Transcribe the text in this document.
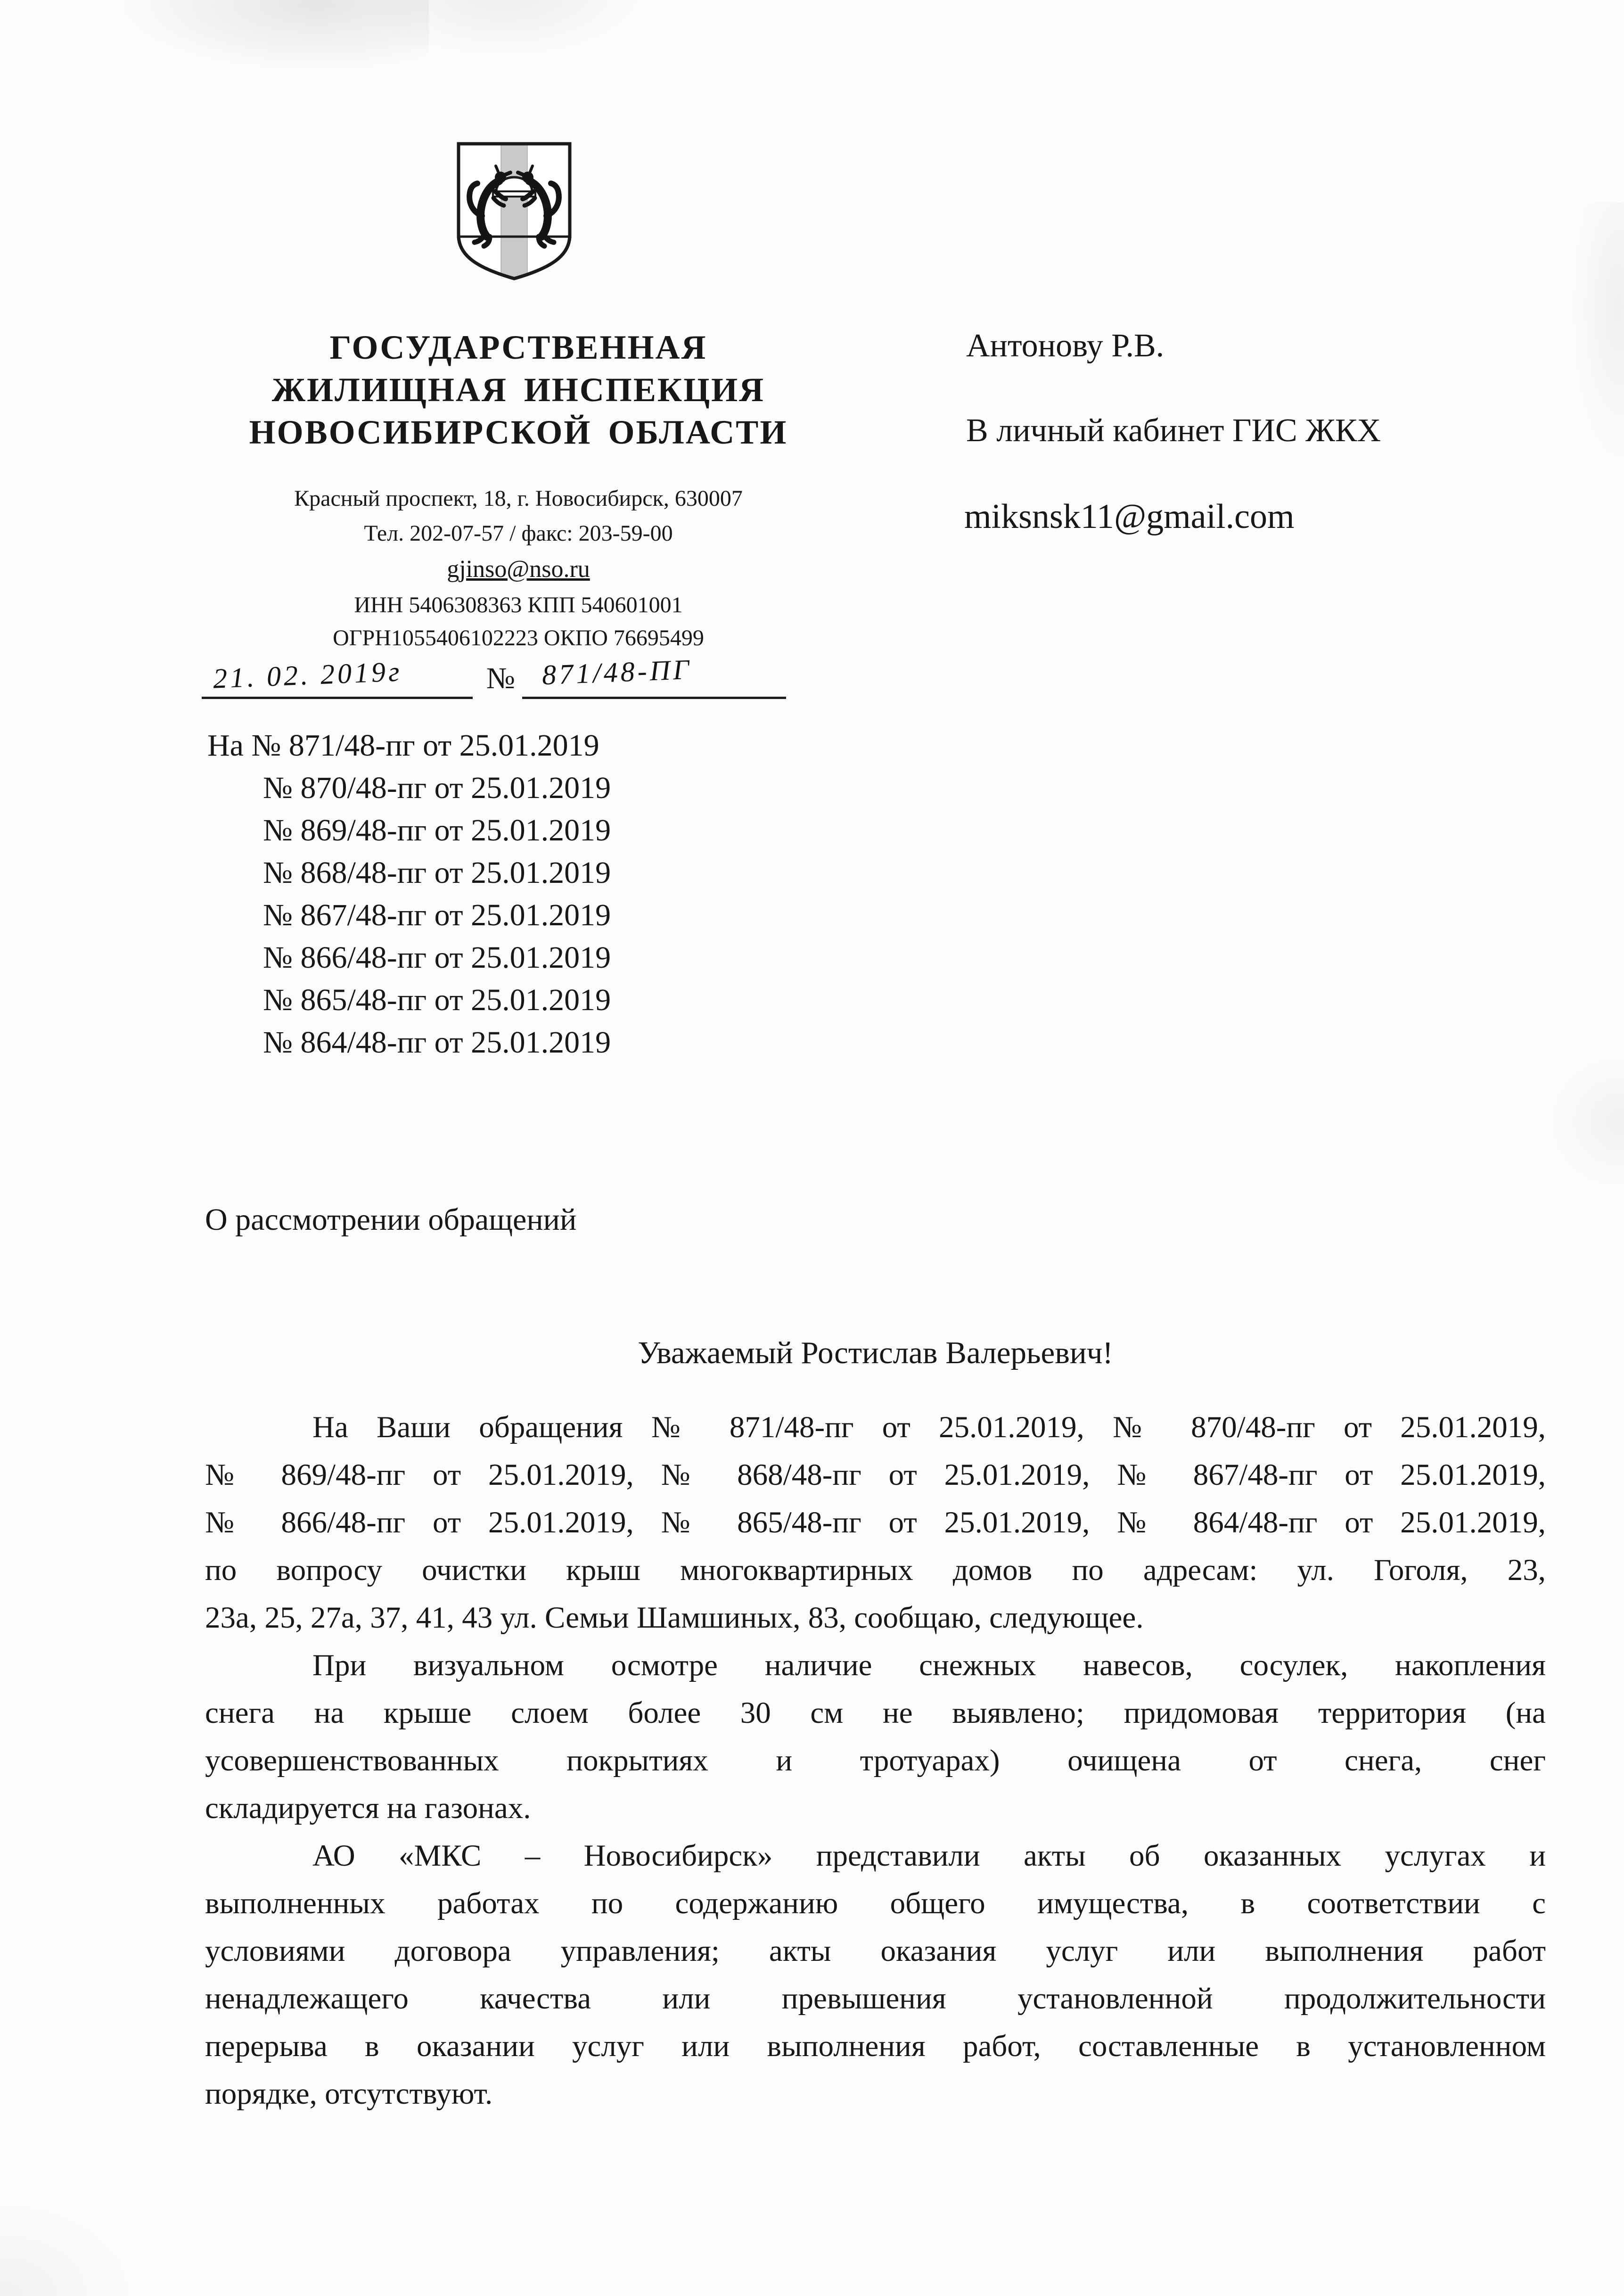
ГОСУДАРСТВЕННАЯ
ЖИЛИЩНАЯ ИНСПЕКЦИЯ
НОВОСИБИРСКОЙ ОБЛАСТИ
Красный проспект, 18, г. Новосибирск, 630007
Тел. 202-07-57 / факс: 203-59-00
gjinso@nso.ru
ИНН 5406308363 КПП 540601001
ОГРН1055406102223 ОКПО 76695499
21. 02. 2019г	№ 871/48-ПГ
Антонову Р.В.
В личный кабинет ГИС ЖКХ
miksnsk11@gmail.com
На № 871/48-пг от 25.01.2019
№ 870/48-пг от 25.01.2019
№ 869/48-пг от 25.01.2019
№ 868/48-пг от 25.01.2019
№ 867/48-пг от 25.01.2019
№ 866/48-пг от 25.01.2019
№ 865/48-пг от 25.01.2019
№ 864/48-пг от 25.01.2019
О рассмотрении обращений
Уважаемый Ростислав Валерьевич!
На Ваши обращения № 871/48-пг от 25.01.2019, № 870/48-пг от 25.01.2019,
№ 869/48-пг от 25.01.2019, № 868/48-пг от 25.01.2019, № 867/48-пг от 25.01.2019,
№ 866/48-пг от 25.01.2019, № 865/48-пг от 25.01.2019, № 864/48-пг от 25.01.2019,
по вопросу очистки крыш многоквартирных домов по адресам: ул. Гоголя, 23,
23а, 25, 27а, 37, 41, 43 ул. Семьи Шамшиных, 83, сообщаю, следующее.
При визуальном осмотре наличие снежных навесов, сосулек, накопления
снега на крыше слоем более 30 см не выявлено; придомовая территория (на
усовершенствованных покрытиях и тротуарах) очищена от снега, снег
складируется на газонах.
АО «МКС – Новосибирск» представили акты об оказанных услугах и
выполненных работах по содержанию общего имущества, в соответствии с
условиями договора управления; акты оказания услуг или выполнения работ
ненадлежащего качества или превышения установленной продолжительности
перерыва в оказании услуг или выполнения работ, составленные в установленном
порядке, отсутствуют.
